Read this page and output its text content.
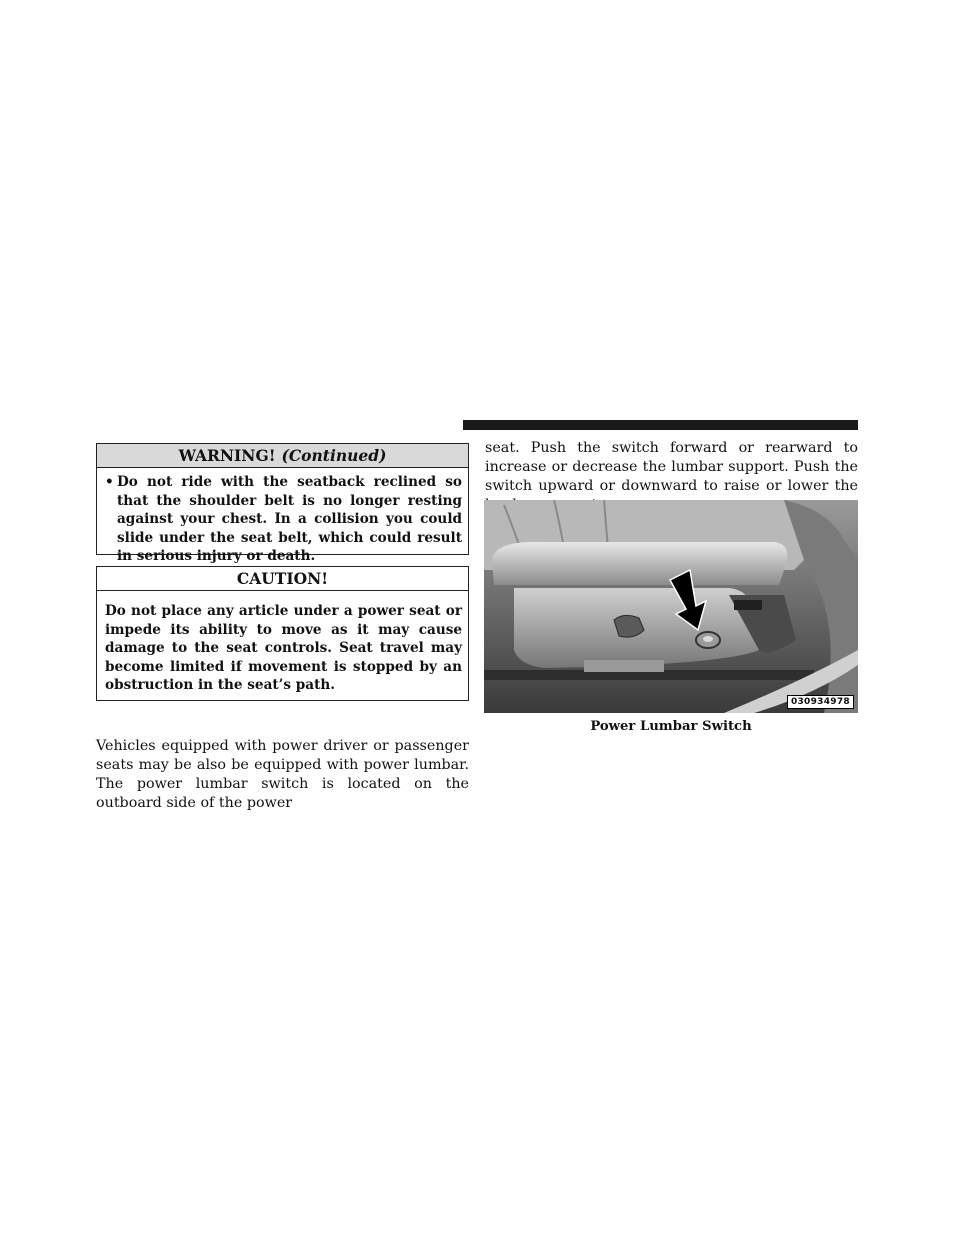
WARNING! (Continued)
• Do not ride with the seatback reclined so that the shoulder belt is no longer resting against your chest. In a collision you could slide under the seat belt, which could result in serious injury or death.
CAUTION!
Do not place any article under a power seat or impede its ability to move as it may cause damage to the seat controls. Seat travel may become limited if movement is stopped by an obstruction in the seat’s path.

Vehicles equipped with power driver or passenger seats may be also be equipped with power lumbar. The power lumbar switch is located on the outboard side of the power

seat. Push the switch forward or rearward to increase or decrease the lumbar support. Push the switch upward or downward to raise or lower the

030934978
Power Lumbar Switch
